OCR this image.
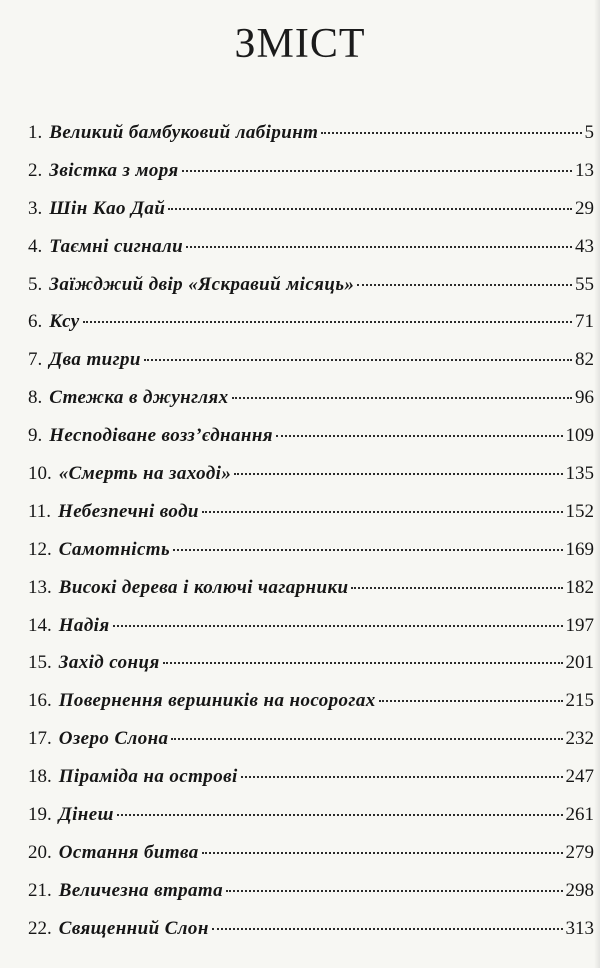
ЗМІСТ
1. Великий бамбуковий лабіринт	5
2. Звістка з моря	13
3. Шін Као Дай	29
4. Таємні сигнали	43
5. Заїжджий двір «Яскравий місяць»	55
6. Ксу	71
7. Два тигри	82
8. Стежка в джунглях	96
9. Несподіване возз’єднання	109
10. «Смерть на заході»	135
11. Небезпечні води	152
12. Самотність	169
13. Високі дерева і колючі чагарники	182
14. Надія	197
15. Захід сонця	201
16. Повернення вершників на носорогах	215
17. Озеро Слона	232
18. Піраміда на острові	247
19. Дінеш	261
20. Остання битва	279
21. Величезна втрата	298
22. Священний Слон	313
